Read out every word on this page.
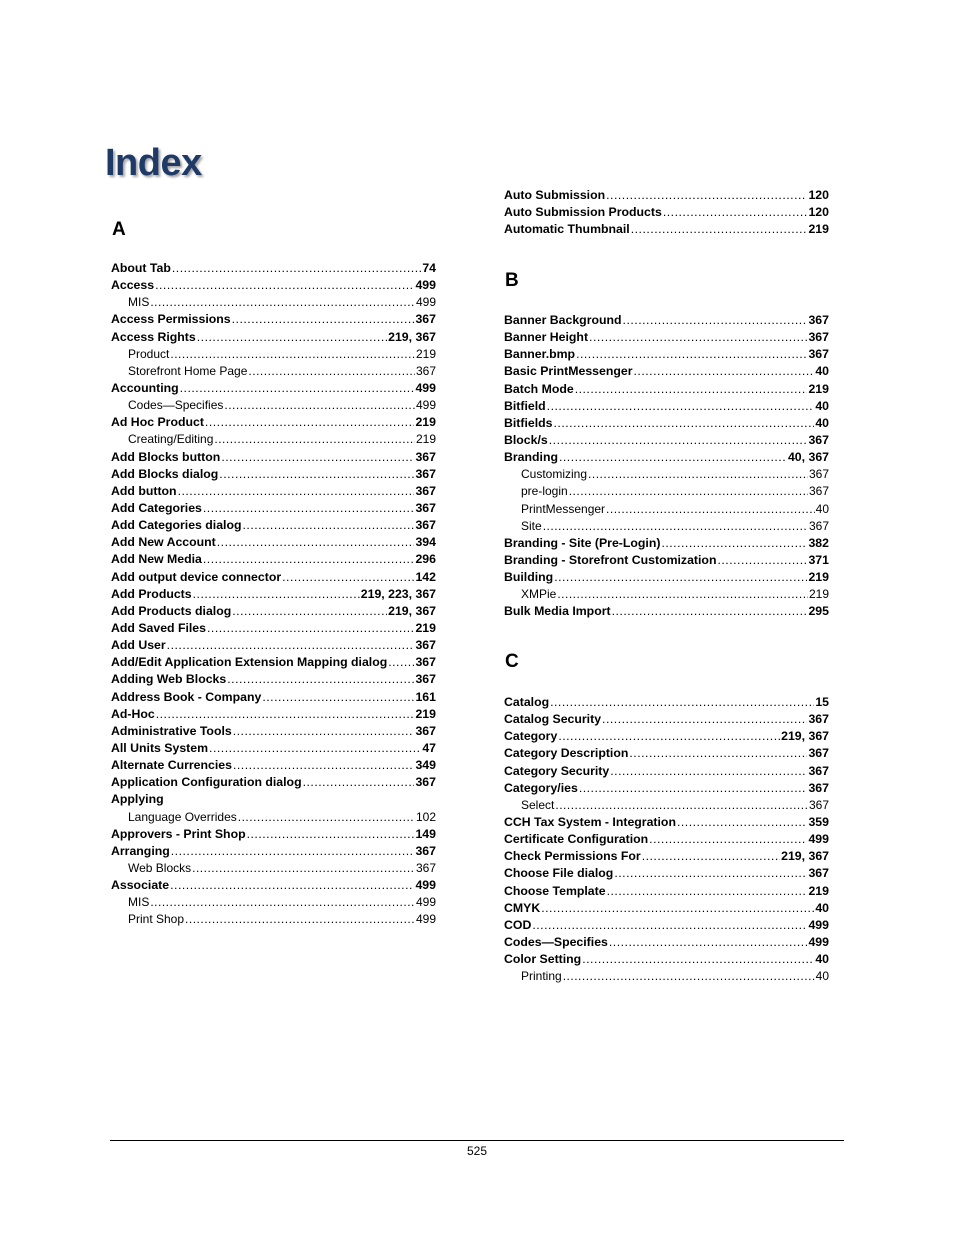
Index
A
About Tab .....	74
Access .....	499
MIS .....	499
Access Permissions .....	367
Access Rights .....	219, 367
Product .....	219
Storefront Home Page .....	367
Accounting .....	499
Codes—Specifies .....	499
Ad Hoc Product .....	219
Creating/Editing .....	219
Add Blocks button .....	367
Add Blocks dialog .....	367
Add button .....	367
Add Categories .....	367
Add Categories dialog .....	367
Add New Account .....	394
Add New Media .....	296
Add output device connector .....	142
Add Products .....	219, 223, 367
Add Products dialog .....	219, 367
Add Saved Files .....	219
Add User .....	367
Add/Edit Application Extension Mapping dialog ..... 367
Adding Web Blocks .....	367
Address Book - Company .....	161
Ad-Hoc .....	219
Administrative Tools .....	367
All Units System .....	47
Alternate Currencies .....	349
Application Configuration dialog .....	367
Applying
Language Overrides .....	102
Approvers - Print Shop .....	149
Arranging .....	367
Web Blocks .....	367
Associate .....	499
MIS .....	499
Print Shop .....	499
Auto Submission .....	120
Auto Submission Products .....	120
Automatic Thumbnail .....	219
B
Banner Background .....	367
Banner Height .....	367
Banner.bmp .....	367
Basic PrintMessenger .....	40
Batch Mode .....	219
Bitfield .....	40
Bitfields .....	40
Block/s .....	367
Branding .....	40, 367
Customizing .....	367
pre-login .....	367
PrintMessenger .....	40
Site .....	367
Branding - Site (Pre-Login) .....	382
Branding - Storefront Customization .....	371
Building .....	219
XMPie .....	219
Bulk Media Import .....	295
C
Catalog .....	15
Catalog Security .....	367
Category .....	219, 367
Category Description .....	367
Category Security .....	367
Category/ies .....	367
Select .....	367
CCH Tax System - Integration .....	359
Certificate Configuration .....	499
Check Permissions For .....	219, 367
Choose File dialog .....	367
Choose Template .....	219
CMYK .....	40
COD .....	499
Codes—Specifies .....	499
Color Setting .....	40
Printing .....	40
525
